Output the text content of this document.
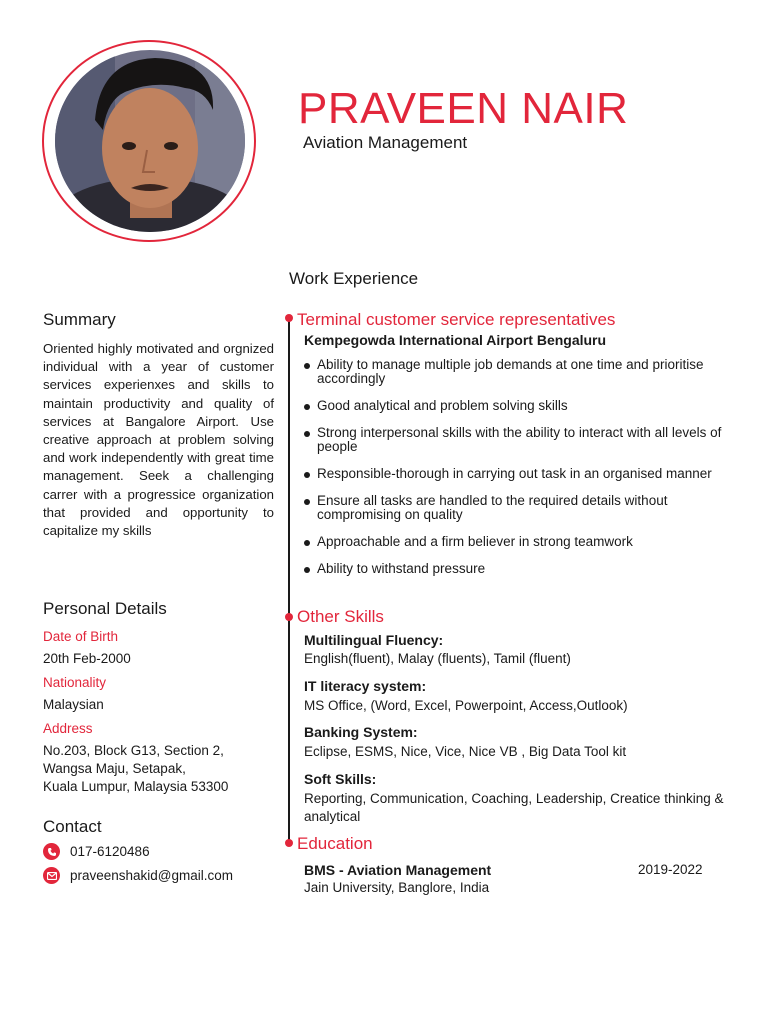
PRAVEEN NAIR
Aviation Management
Work Experience
Summary
Oriented highly motivated and orgnized individual with a year of customer services experienxes and skills to maintain productivity and quality of services at Bangalore Airport. Use creative approach at problem solving and work independently with great time management. Seek a challenging carrer with a progressice organization that provided and opportunity to capitalize my skills
Personal Details
Date of Birth
20th Feb-2000
Nationality
Malaysian
Address
No.203, Block G13, Section 2,
Wangsa Maju, Setapak,
Kuala Lumpur, Malaysia 53300
Contact
017-6120486
praveenshakid@gmail.com
Terminal customer service representatives
Kempegowda International Airport Bengaluru
Ability to manage multiple job demands at one time and prioritise accordingly
Good analytical and problem solving skills
Strong interpersonal skills with the ability to interact with all levels of people
Responsible-thorough in carrying out task in an organised manner
Ensure all tasks are handled to the required details without compromising on quality
Approachable and a firm believer in strong teamwork
Ability to withstand pressure
Other Skills
Multilingual Fluency:
English(fluent), Malay (fluents), Tamil (fluent)
IT literacy system:
MS Office, (Word, Excel, Powerpoint, Access,Outlook)
Banking System:
Eclipse, ESMS, Nice, Vice, Nice VB , Big Data Tool kit
Soft Skills:
Reporting, Communication, Coaching, Leadership, Creatice thinking & analytical
Education
BMS - Aviation Management	2019-2022
Jain University, Banglore, India
